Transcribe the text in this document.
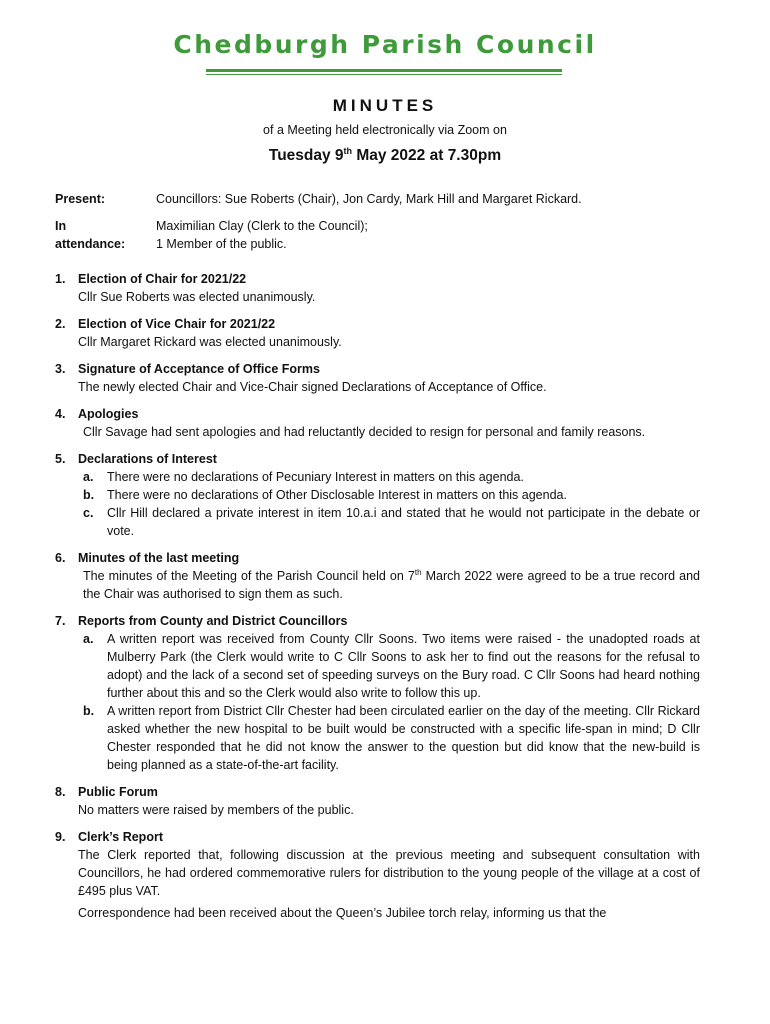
Chedburgh Parish Council
MINUTES
of a Meeting held electronically via Zoom on
Tuesday 9th May 2022 at 7.30pm
Present:	Councillors: Sue Roberts (Chair), Jon Cardy, Mark Hill and Margaret Rickard.
In attendance:
Maximilian Clay (Clerk to the Council);
1 Member of the public.
1. Election of Chair for 2021/22
Cllr Sue Roberts was elected unanimously.
2. Election of Vice Chair for 2021/22
Cllr Margaret Rickard was elected unanimously.
3. Signature of Acceptance of Office Forms
The newly elected Chair and Vice-Chair signed Declarations of Acceptance of Office.
4. Apologies
Cllr Savage had sent apologies and had reluctantly decided to resign for personal and family reasons.
5. Declarations of Interest
a. There were no declarations of Pecuniary Interest in matters on this agenda.
b. There were no declarations of Other Disclosable Interest in matters on this agenda.
c. Cllr Hill declared a private interest in item 10.a.i and stated that he would not participate in the debate or vote.
6. Minutes of the last meeting
The minutes of the Meeting of the Parish Council held on 7th March 2022 were agreed to be a true record and the Chair was authorised to sign them as such.
7. Reports from County and District Councillors
a. A written report was received from County Cllr Soons. Two items were raised - the unadopted roads at Mulberry Park (the Clerk would write to C Cllr Soons to ask her to find out the reasons for the refusal to adopt) and the lack of a second set of speeding surveys on the Bury road. C Cllr Soons had heard nothing further about this and so the Clerk would also write to follow this up.
b. A written report from District Cllr Chester had been circulated earlier on the day of the meeting. Cllr Rickard asked whether the new hospital to be built would be constructed with a specific life-span in mind; D Cllr Chester responded that he did not know the answer to the question but did know that the new-build is being planned as a state-of-the-art facility.
8. Public Forum
No matters were raised by members of the public.
9. Clerk’s Report
The Clerk reported that, following discussion at the previous meeting and subsequent consultation with Councillors, he had ordered commemorative rulers for distribution to the young people of the village at a cost of £495 plus VAT.
Correspondence had been received about the Queen’s Jubilee torch relay, informing us that the
